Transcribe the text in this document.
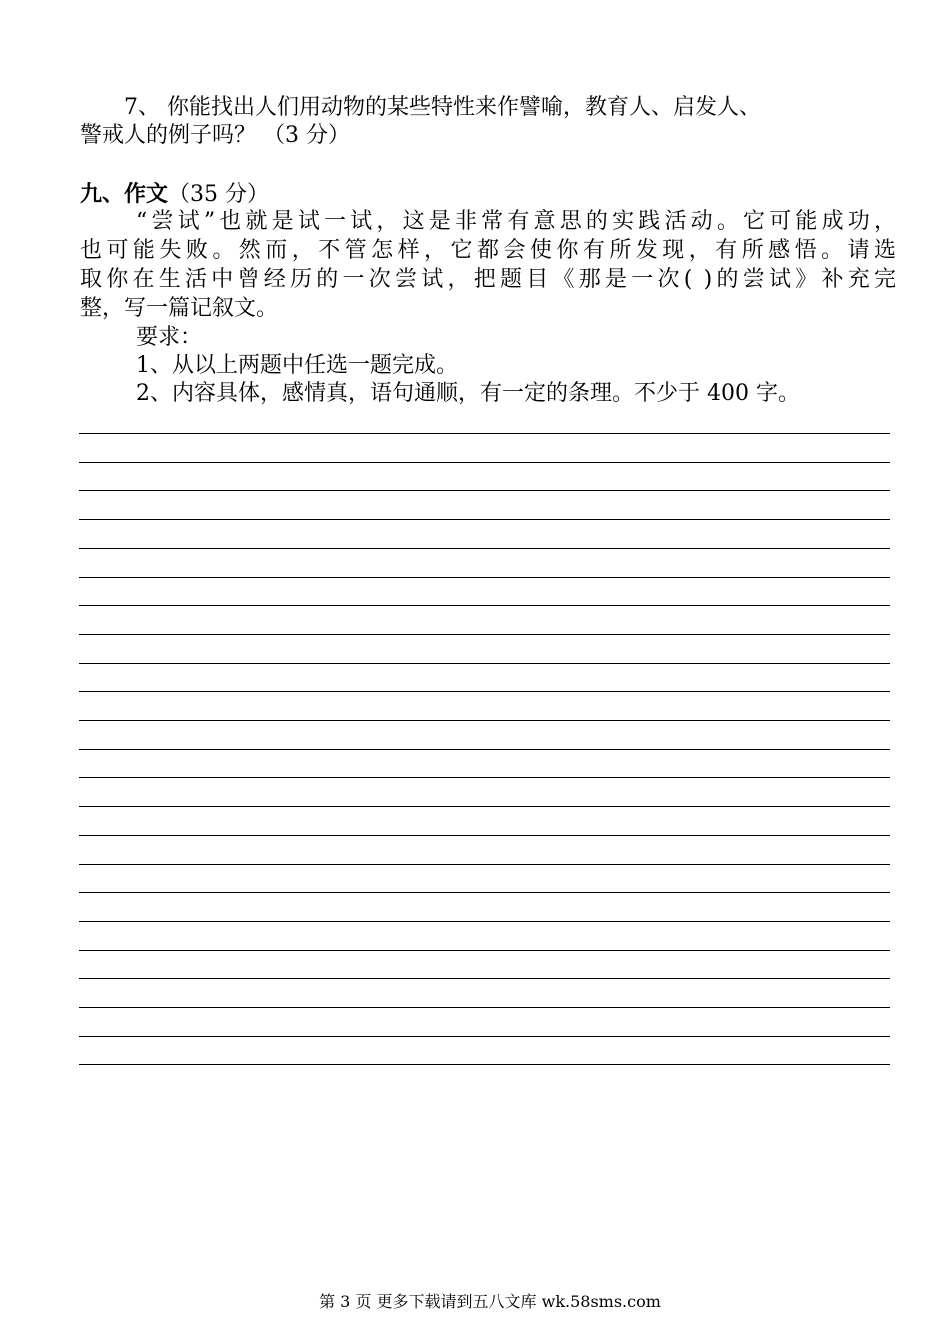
7、 你能找出人们用动物的某些特性来作譬喻，教育人、启发人、
警戒人的例子吗？ （3 分）
九、作文（35 分）
“尝试”也就是试一试，这是非常有意思的实践活动。它可能成功，
也可能失败。然而，不管怎样，它都会使你有所发现，有所感悟。请选
取你在生活中曾经历的一次尝试，把题目《那是一次( )的尝试》补充完
整，写一篇记叙文。
要求：
1、从以上两题中任选一题完成。
2、内容具体，感情真，语句通顺，有一定的条理。不少于 400 字。
第 3 页 更多下载请到五八文库 wk.58sms.com
